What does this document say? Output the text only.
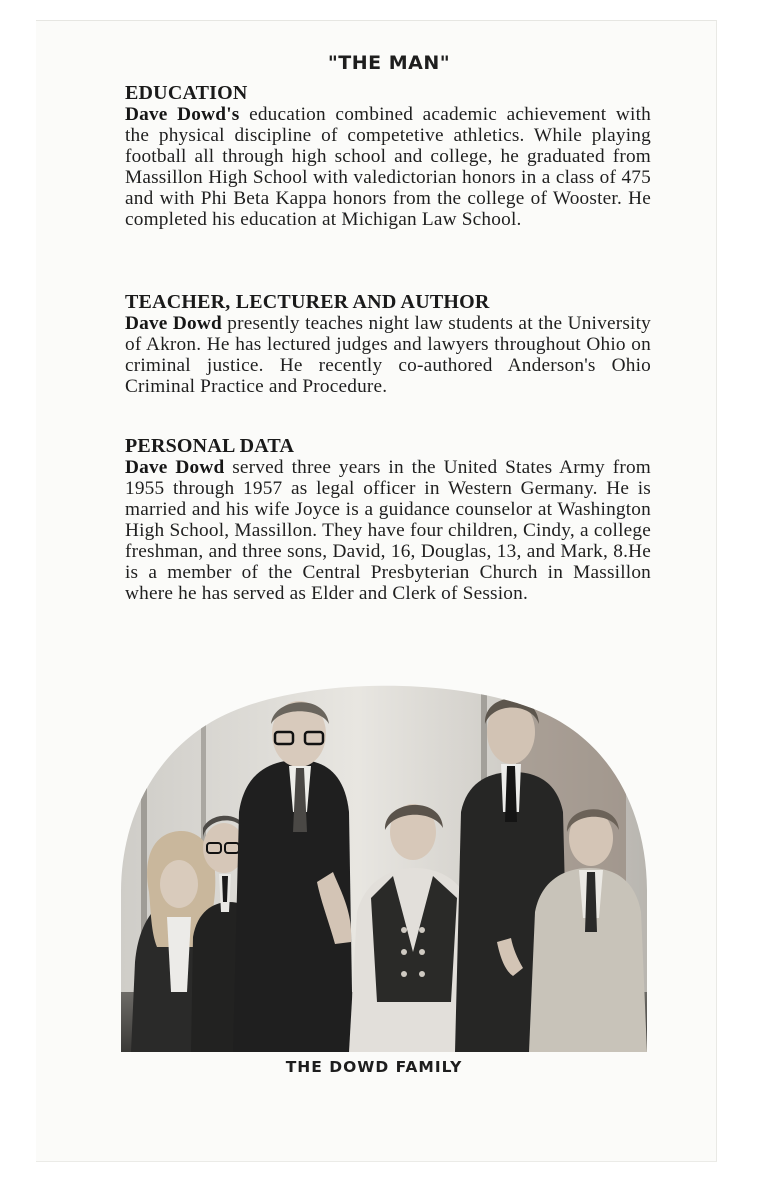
"THE MAN"
EDUCATION

Dave Dowd's education combined academic achievement with the physical discipline of competetive athletics. While playing football all through high school and college, he graduated from Massillon High School with valedictorian honors in a class of 475 and with Phi Beta Kappa honors from the college of Wooster. He completed his education at Michigan Law School.

TEACHER, LECTURER AND AUTHOR

Dave Dowd presently teaches night law students at the University of Akron. He has lectured judges and lawyers throughout Ohio on criminal justice. He recently co-authored Anderson's Ohio Criminal Practice and Procedure.

PERSONAL DATA

Dave Dowd served three years in the United States Army from 1955 through 1957 as legal officer in Western Germany. He is married and his wife Joyce is a guidance counselor at Washington High School, Massillon. They have four children, Cindy, a college freshman, and three sons, David, 16, Douglas, 13, and Mark, 8.He is a member of the Central Presbyterian Church in Massillon where he has served as Elder and Clerk of Session.

THE DOWD FAMILY
